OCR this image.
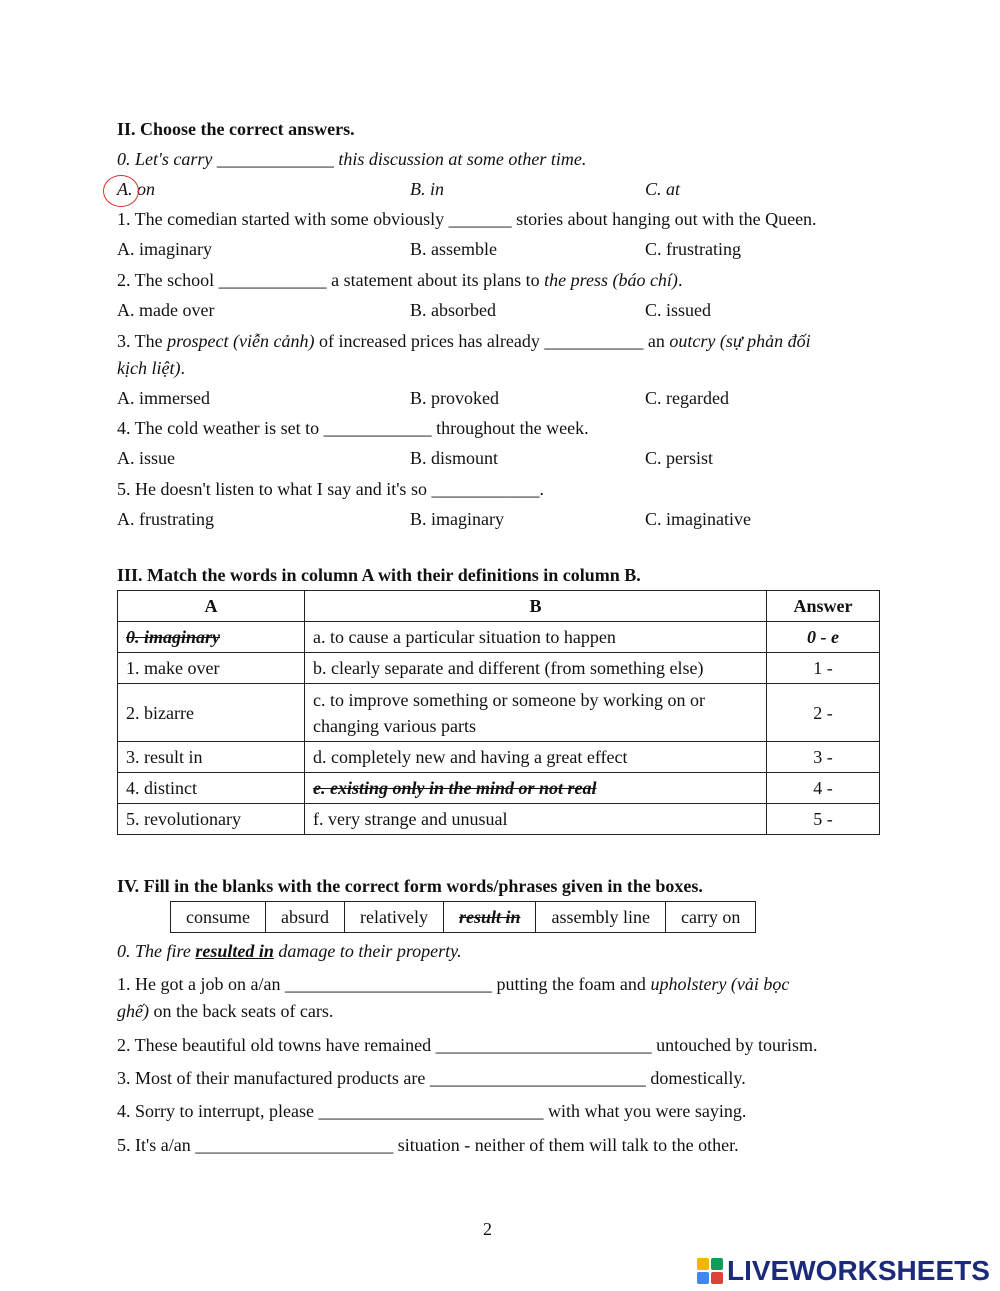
II. Choose the correct answers.
0. Let's carry _____________ this discussion at some other time.
A. on	B. in	C. at
1. The comedian started with some obviously _______ stories about hanging out with the Queen.
A. imaginary	B. assemble	C. frustrating
2. The school ____________ a statement about its plans to the press (báo chí).
A. made over	B. absorbed	C. issued
3. The prospect (viễn cảnh) of increased prices has already ___________ an outcry (sự phản đối
kịch liệt).
A. immersed	B. provoked	C. regarded
4. The cold weather is set to ____________ throughout the week.
A. issue	B. dismount	C. persist
5. He doesn't listen to what I say and it's so ____________.
A. frustrating	B. imaginary	C. imaginative
III. Match the words in column A with their definitions in column B.
A	B	Answer
0. imaginary	a. to cause a particular situation to happen	0 - e
1. make over	b. clearly separate and different (from something else)	1 -
2. bizarre	c. to improve something or someone by working on or
changing various parts	2 -
3. result in	d. completely new and having a great effect	3 -
4. distinct	e. existing only in the mind or not real	4 -
5. revolutionary	f. very strange and unusual	5 -
IV. Fill in the blanks with the correct form words/phrases given in the boxes.
consume	absurd	relatively	result in	assembly line	carry on
0. The fire resulted in damage to their property.
1. He got a job on a/an _______________________ putting the foam and upholstery (vải bọc
ghế) on the back seats of cars.
2. These beautiful old towns have remained ________________________ untouched by tourism.
3. Most of their manufactured products are ________________________ domestically.
4. Sorry to interrupt, please _________________________ with what you were saying.
5. It's a/an ______________________ situation - neither of them will talk to the other.
2
LIVEWORKSHEETS
